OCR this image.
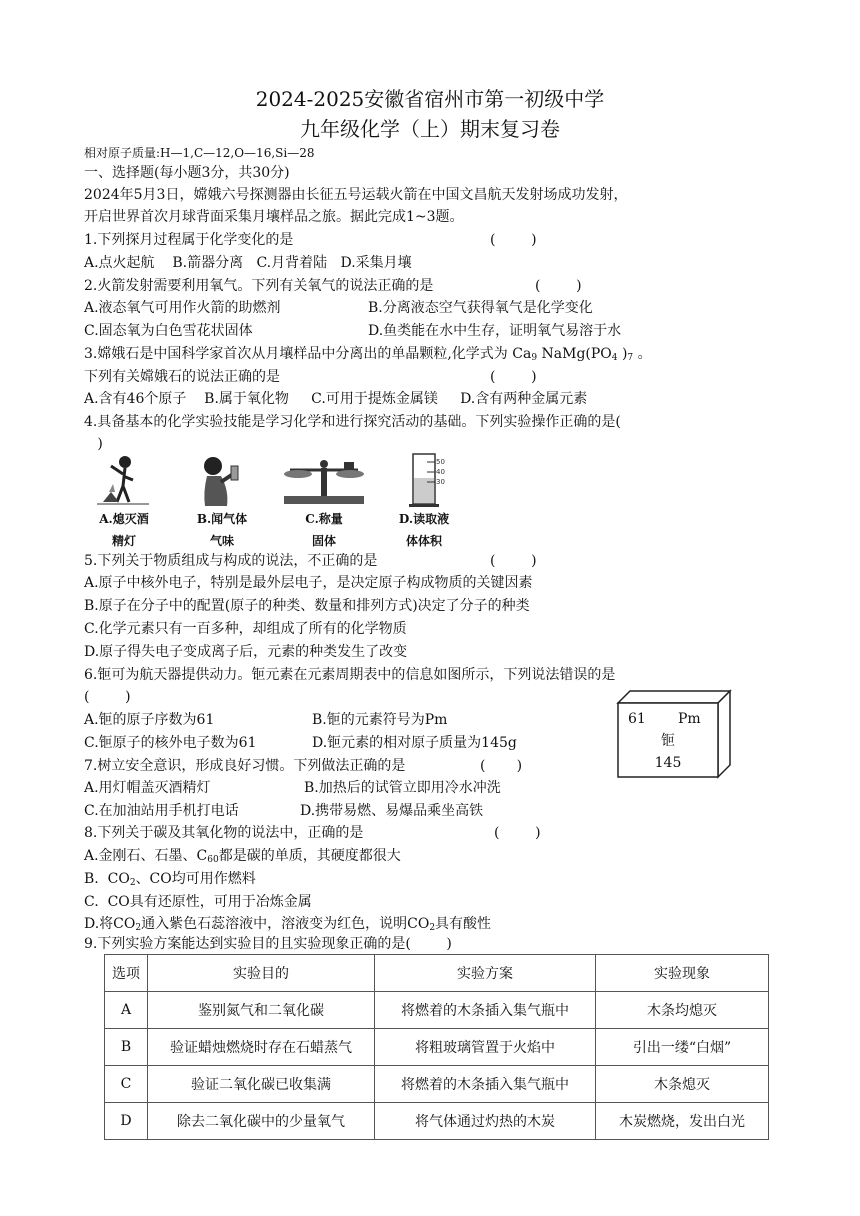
2024-2025安徽省宿州市第一初级中学
九年级化学（上）期末复习卷
相对原子质量:H—1,C—12,O—16,Si—28
一、选择题(每小题3分，共30分)
2024年5月3日，嫦娥六号探测器由长征五号运载火箭在中国文昌航天发射场成功发射，
开启世界首次月球背面采集月壤样品之旅。据此完成1~3题。
1.下列探月过程属于化学变化的是	(        )
A.点火起航    B.箭器分离   C.月背着陆   D.采集月壤
2.火箭发射需要利用氧气。下列有关氧气的说法正确的是	(        )
A.液态氧气可用作火箭的助燃剂	B.分离液态空气获得氧气是化学变化
C.固态氧为白色雪花状固体	D.鱼类能在水中生存，证明氧气易溶于水
3.嫦娥石是中国科学家首次从月壤样品中分离出的单晶颗粒,化学式为 $Ca_9$ $NaMg(PO_4$ )$_7$ 。
下列有关嫦娥石的说法正确的是	(        )
A.含有46个原子    B.属于氧化物     C.可用于提炼金属镁     D.含有两种金属元素
4.具备基本的化学实验技能是学习化学和进行探究活动的基础。下列实验操作正确的是(
)
A.熄灭酒
精灯
B.闻气体
气味
C.称量
固体
50
40
30
D.读取液
体体积
5.下列关于物质组成与构成的说法，不正确的是	(        )
A.原子中核外电子，特别是最外层电子，是决定原子构成物质的关键因素
B.原子在分子中的配置(原子的种类、数量和排列方式)决定了分子的种类
C.化学元素只有一百多种，却组成了所有的化学物质
D.原子得失电子变成离子后，元素的种类发生了改变
6.钷可为航天器提供动力。钷元素在元素周期表中的信息如图所示，下列说法错误的是
(        )
A.钷的原子序数为61	B.钷的元素符号为Pm
C.钷原子的核外电子数为61	D.钷元素的相对原子质量为145g
61 Pm
钷
145
7.树立安全意识，形成良好习惯。下列做法正确的是	(       )
A.用灯帽盖灭酒精灯	B.加热后的试管立即用冷水冲洗
C.在加油站用手机打电话	D.携带易燃、易爆品乘坐高铁
8.下列关于碳及其氧化物的说法中，正确的是	(        )
A.金刚石、石墨、$C_{60}$都是碳的单质，其硬度都很大
B.  $CO_2$、CO均可用作燃料
C.  CO具有还原性，可用于冶炼金属
D.将$CO_2$通入紫色石蕊溶液中，溶液变为红色，说明$CO_2$具有酸性
9.下列实验方案能达到实验目的且实验现象正确的是(        )
选项	实验目的	实验方案	实验现象
A	鉴别氮气和二氧化碳	将燃着的木条插入集气瓶中	木条均熄灭
B	验证蜡烛燃烧时存在石蜡蒸气	将粗玻璃管置于火焰中	引出一缕“白烟”
C	验证二氧化碳已收集满	将燃着的木条插入集气瓶中	木条熄灭
D	除去二氧化碳中的少量氧气	将气体通过灼热的木炭	木炭燃烧，发出白光
